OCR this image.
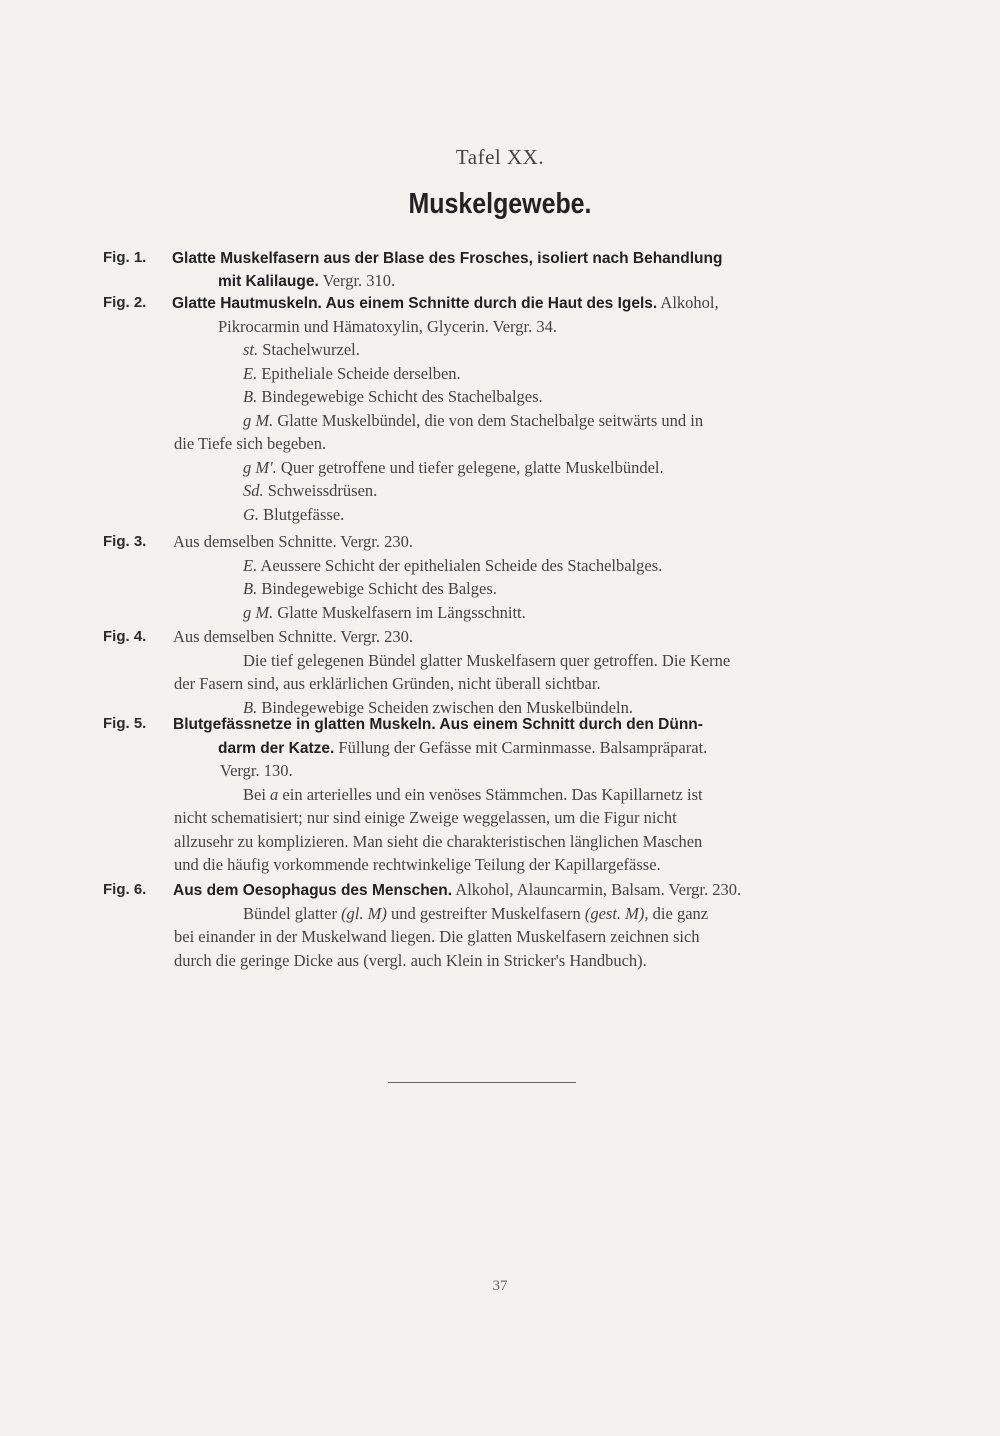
Tafel XX.
Muskelgewebe.
Fig. 1. Glatte Muskelfasern aus der Blase des Frosches, isoliert nach Behandlung
mit Kalilauge. Vergr. 310.
Fig. 2. Glatte Hautmuskeln. Aus einem Schnitte durch die Haut des Igels. Alkohol,
Pikrocarmin und Hämatoxylin, Glycerin. Vergr. 34.
st. Stachelwurzel.
E. Epitheliale Scheide derselben.
B. Bindegewebige Schicht des Stachelbalges.
g M. Glatte Muskelbündel, die von dem Stachelbalge seitwärts und in
die Tiefe sich begeben.
g M'. Quer getroffene und tiefer gelegene, glatte Muskelbündel.
Sd. Schweissdrüsen.
G. Blutgefässe.
Fig. 3. Aus demselben Schnitte. Vergr. 230.
E. Aeussere Schicht der epithelialen Scheide des Stachelbalges.
B. Bindegewebige Schicht des Balges.
g M. Glatte Muskelfasern im Längsschnitt.
Fig. 4. Aus demselben Schnitte. Vergr. 230.
Die tief gelegenen Bündel glatter Muskelfasern quer getroffen. Die Kerne
der Fasern sind, aus erklärlichen Gründen, nicht überall sichtbar.
B. Bindegewebige Scheiden zwischen den Muskelbündeln.
Fig. 5. Blutgefässnetze in glatten Muskeln. Aus einem Schnitt durch den Dünn-
darm der Katze. Füllung der Gefässe mit Carminmasse. Balsampräparat.
Vergr. 130.
Bei a ein arterielles und ein venöses Stämmchen. Das Kapillarnetz ist
nicht schematisiert; nur sind einige Zweige weggelassen, um die Figur nicht
allzusehr zu komplizieren. Man sieht die charakteristischen länglichen Maschen
und die häufig vorkommende rechtwinkelige Teilung der Kapillargefässe.
Fig. 6. Aus dem Oesophagus des Menschen. Alkohol, Alauncarmin, Balsam. Vergr. 230.
Bündel glatter (gl. M) und gestreifter Muskelfasern (gest. M), die ganz
bei einander in der Muskelwand liegen. Die glatten Muskelfasern zeichnen sich
durch die geringe Dicke aus (vergl. auch Klein in Stricker's Handbuch).
37
